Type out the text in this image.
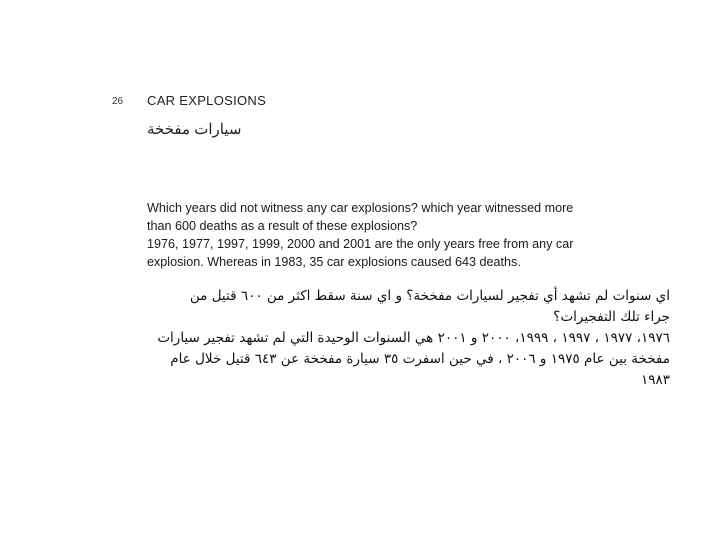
26 CAR EXPLOSIONS
سيارات مفخخة

Which years did not witness any car explosions? which year witnessed more

than 600 deaths as a result of these explosions?

1976, 1977, 1997, 1999, 2000 and 2001 are the only years free from any car

explosion. Whereas in 1983, 35 car explosions caused 643 deaths.

اي سنوات لم تشهد أي تفجير لسيارات مفخخة؟ و اي سنة سقط اكثر من ٦٠٠ قتيل من

جراء تلك التفجيرات؟

١٩٧٦، ١٩٧٧ ، ١٩٩٧ ، ١٩٩٩، ٢٠٠٠ و ٢٠٠١ هي السنوات الوحيدة التي لم تشهد تفجير سيارات

مفخخة بين عام ١٩٧٥ و ٢٠٠٦ ، في حين اسفرت ٣٥ سيارة مفخخة عن ٦٤٣ قتيل خلال عام ١٩٨٣
